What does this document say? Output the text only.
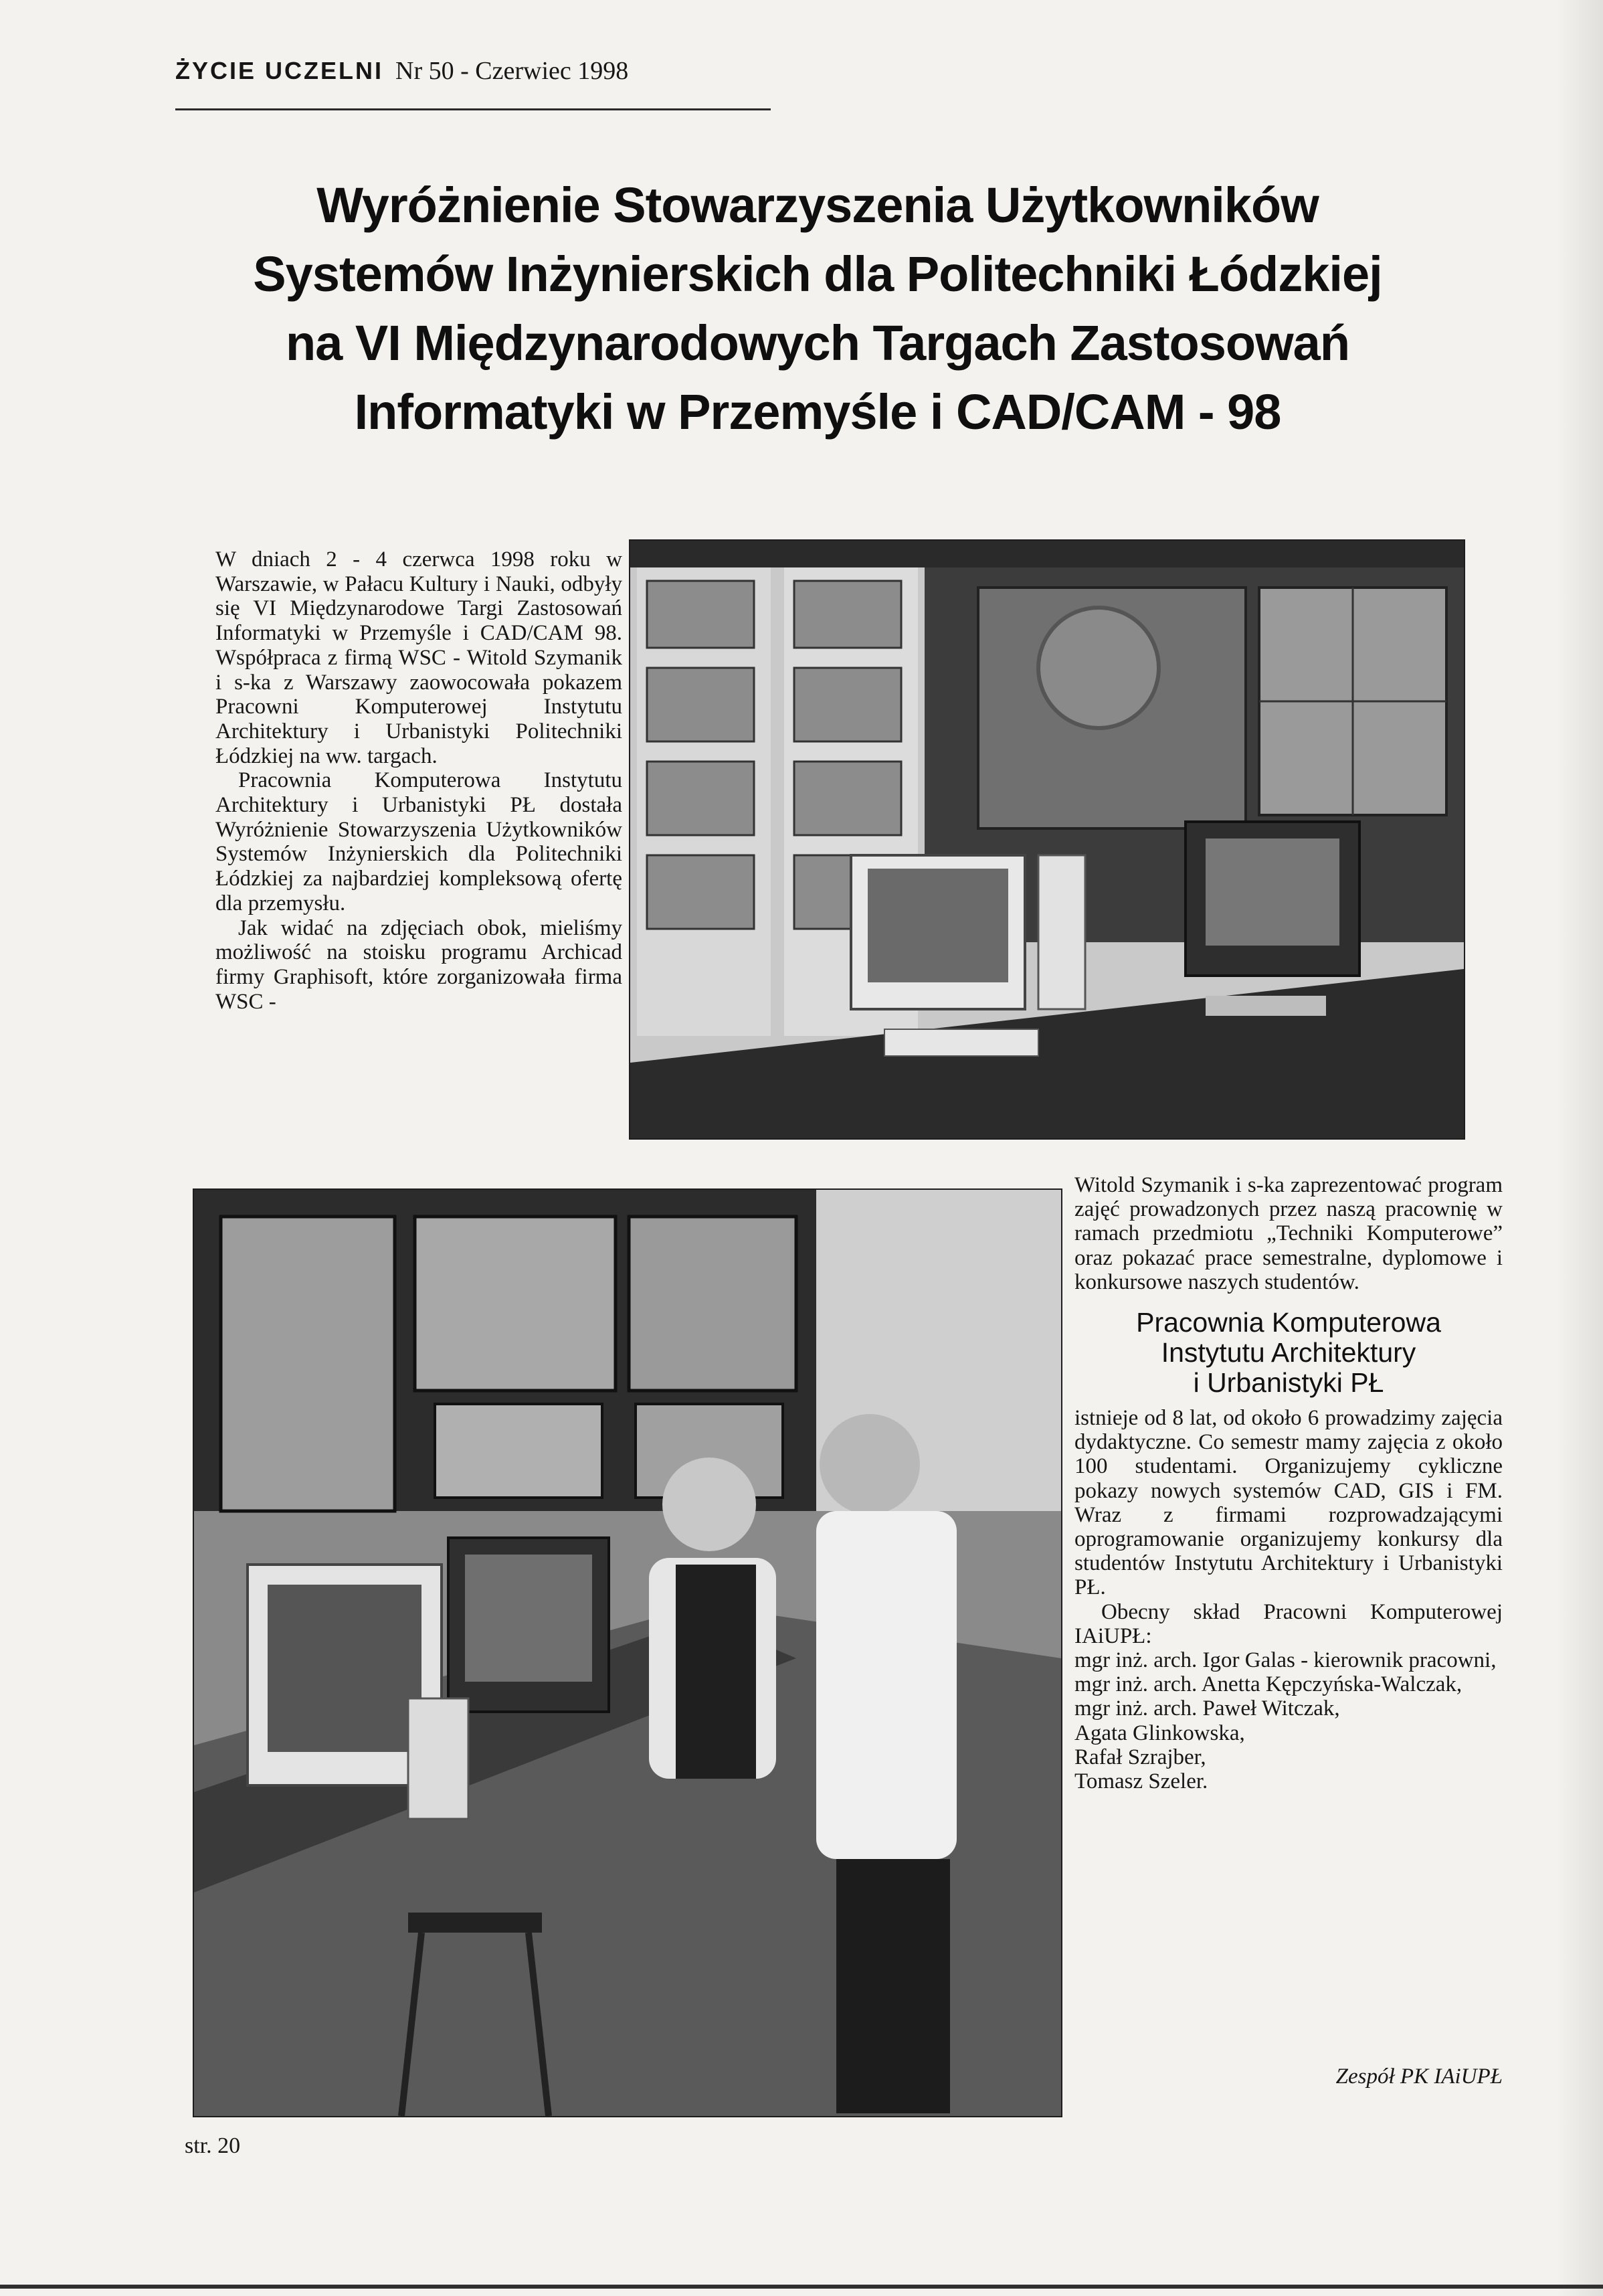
ŻYCIE UCZELNI Nr 50 - Czerwiec 1998
Wyróżnienie Stowarzyszenia Użytkowników
Systemów Inżynierskich dla Politechniki Łódzkiej
na VI Międzynarodowych Targach Zastosowań
Informatyki w Przemyśle i CAD/CAM - 98

W dniach 2 - 4 czerwca 1998 roku w Warszawie, w Pałacu Kultury i Nauki, odbyły się VI Międzynarodowe Targi Zastosowań Informatyki w Przemyśle i CAD/CAM 98. Współpraca z firmą WSC - Witold Szymanik i s-ka z Warszawy zaowocowała pokazem Pracowni Komputerowej Instytutu Architektury i Urbanistyki Politechniki Łódzkiej na ww. targach.

Pracownia Komputerowa Instytutu Architektury i Urbanistyki PŁ dostała Wyróżnienie Stowarzyszenia Użytkowników Systemów Inżynierskich dla Politechniki Łódzkiej za najbardziej kompleksową ofertę dla przemysłu.

Jak widać na zdjęciach obok, mieliśmy możliwość na stoisku programu Archicad firmy Graphisoft, które zorganizowała firma WSC -

Witold Szymanik i s-ka zaprezentować program zajęć prowadzonych przez naszą pracownię w ramach przedmiotu „Techniki Komputerowe” oraz pokazać prace semestralne, dyplomowe i konkursowe naszych studentów.

Pracownia Komputerowa
Instytutu Architektury
i Urbanistyki PŁ

istnieje od 8 lat, od około 6 prowadzimy zajęcia dydaktyczne. Co semestr mamy zajęcia z około 100 studentami. Organizujemy cykliczne pokazy nowych systemów CAD, GIS i FM. Wraz z firmami rozprowadzającymi oprogramowanie organizujemy konkursy dla studentów Instytutu Architektury i Urbanistyki PŁ.

Obecny skład Pracowni Komputerowej IAiUPŁ:

mgr inż. arch. Igor Galas - kierownik pracowni,
mgr inż. arch. Anetta Kępczyńska-Walczak,
mgr inż. arch. Paweł Witczak,
Agata Glinkowska,
Rafał Szrajber,
Tomasz Szeler.
Zespół PK IAiUPŁ
str. 20
